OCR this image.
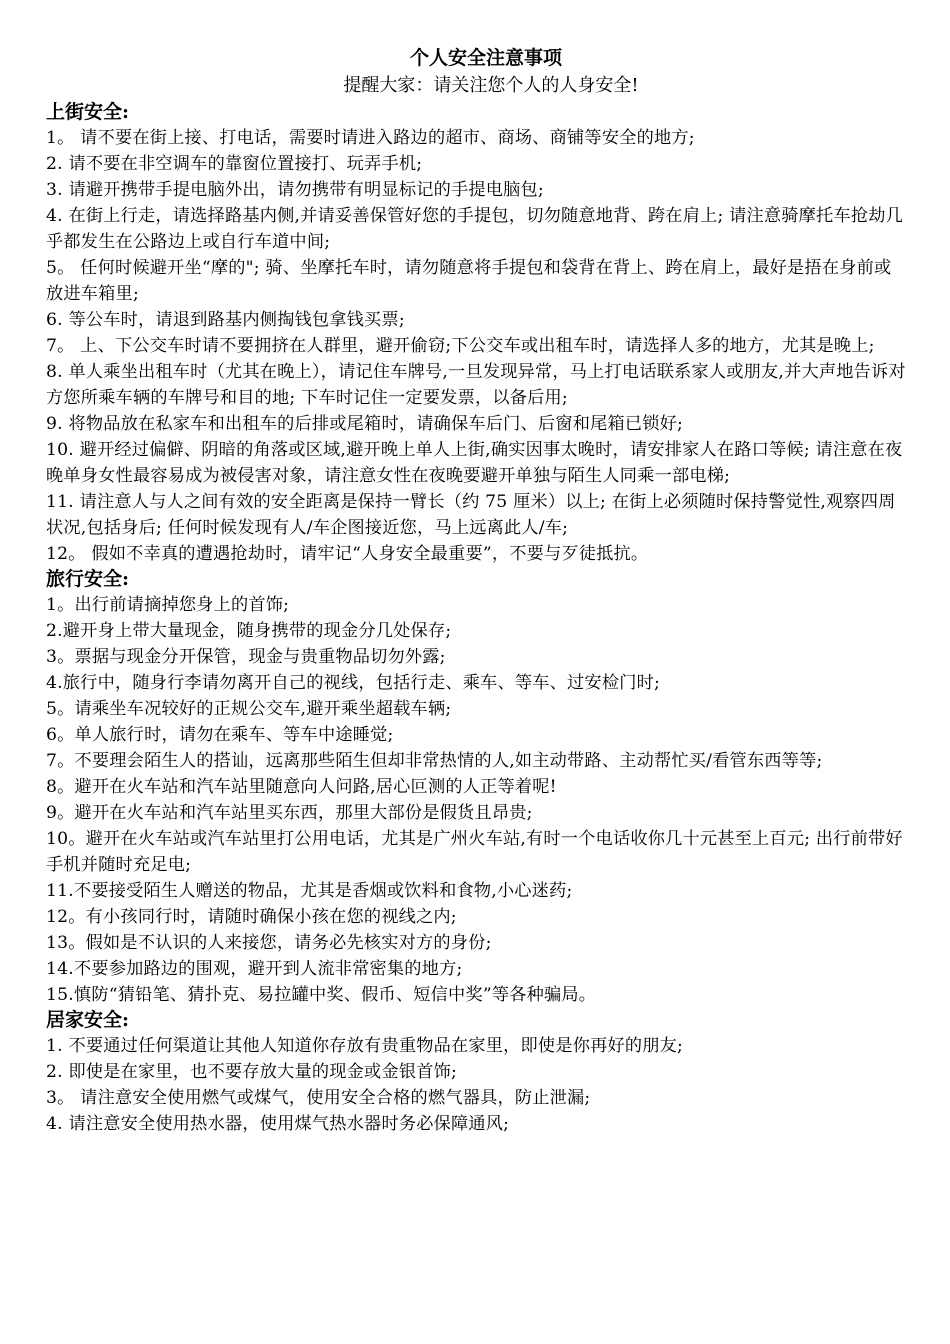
个人安全注意事项
提醒大家：请关注您个人的人身安全!
上街安全:

1。 请不要在街上接、打电话，需要时请进入路边的超市、商场、商铺等安全的地方;

2. 请不要在非空调车的靠窗位置接打、玩弄手机;

3. 请避开携带手提电脑外出，请勿携带有明显标记的手提电脑包;

4. 在街上行走，请选择路基内侧,并请妥善保管好您的手提包，切勿随意地背、跨在肩上; 请注意骑摩托车抢劫几乎都发生在公路边上或自行车道中间;

5。 任何时候避开坐“摩的"; 骑、坐摩托车时，请勿随意将手提包和袋背在背上、跨在肩上，最好是捂在身前或放进车箱里;

6. 等公车时，请退到路基内侧掏钱包拿钱买票;

7。 上、下公交车时请不要拥挤在人群里，避开偷窃;下公交车或出租车时，请选择人多的地方，尤其是晚上;

8. 单人乘坐出租车时（尤其在晚上），请记住车牌号,一旦发现异常，马上打电话联系家人或朋友,并大声地告诉对方您所乘车辆的车牌号和目的地; 下车时记住一定要发票，以备后用;

9. 将物品放在私家车和出租车的后排或尾箱时，请确保车后门、后窗和尾箱已锁好;

10. 避开经过偏僻、阴暗的角落或区域,避开晚上单人上街,确实因事太晚时，请安排家人在路口等候; 请注意在夜晚单身女性最容易成为被侵害对象，请注意女性在夜晚要避开单独与陌生人同乘一部电梯;

11. 请注意人与人之间有效的安全距离是保持一臂长（约 75 厘米）以上; 在街上必须随时保持警觉性,观察四周状况,包括身后; 任何时候发现有人/车企图接近您，马上远离此人/车;

12。 假如不幸真的遭遇抢劫时，请牢记“人身安全最重要”，不要与歹徒抵抗。

旅行安全:

1。出行前请摘掉您身上的首饰;

2.避开身上带大量现金，随身携带的现金分几处保存;

3。票据与现金分开保管，现金与贵重物品切勿外露;

4.旅行中，随身行李请勿离开自己的视线，包括行走、乘车、等车、过安检门时;

5。请乘坐车况较好的正规公交车,避开乘坐超载车辆;

6。单人旅行时，请勿在乘车、等车中途睡觉;

7。不要理会陌生人的搭讪，远离那些陌生但却非常热情的人,如主动带路、主动帮忙买/看管东西等等;

8。避开在火车站和汽车站里随意向人问路,居心叵测的人正等着呢!

9。避开在火车站和汽车站里买东西，那里大部份是假货且昂贵;

10。避开在火车站或汽车站里打公用电话，尤其是广州火车站,有时一个电话收你几十元甚至上百元; 出行前带好手机并随时充足电;

11.不要接受陌生人赠送的物品，尤其是香烟或饮料和食物,小心迷药;

12。有小孩同行时，请随时确保小孩在您的视线之内;

13。假如是不认识的人来接您，请务必先核实对方的身份;

14.不要参加路边的围观，避开到人流非常密集的地方;

15.慎防“猜铅笔、猜扑克、易拉罐中奖、假币、短信中奖”等各种骗局。

居家安全:

1. 不要通过任何渠道让其他人知道你存放有贵重物品在家里，即使是你再好的朋友;

2. 即使是在家里，也不要存放大量的现金或金银首饰;

3。 请注意安全使用燃气或煤气，使用安全合格的燃气器具，防止泄漏;

4. 请注意安全使用热水器，使用煤气热水器时务必保障通风;
